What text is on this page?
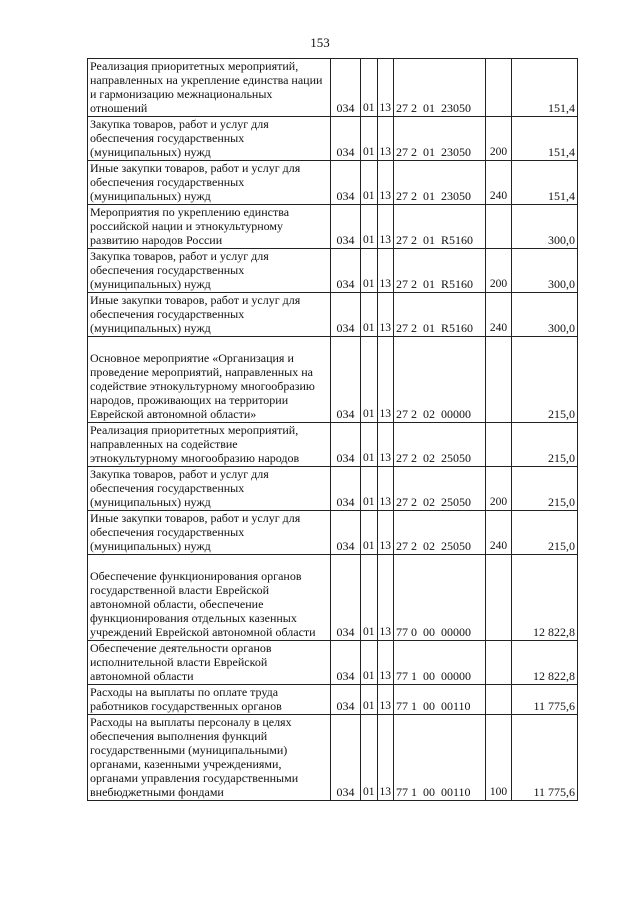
153
Реализация приоритетных мероприятий, направленных на укрепление единства нации и гармонизацию межнациональных отношений	034	01	13	27 2  01  23050		151,4
Закупка товаров, работ и услуг для обеспечения государственных (муниципальных) нужд	034	01	13	27 2  01  23050	200	151,4
Иные закупки товаров, работ и услуг для обеспечения государственных (муниципальных) нужд	034	01	13	27 2  01  23050	240	151,4
Мероприятия по укреплению единства российской нации и этнокультурному развитию народов России	034	01	13	27 2  01  R5160		300,0
Закупка товаров, работ и услуг для обеспечения государственных (муниципальных) нужд	034	01	13	27 2  01  R5160	200	300,0
Иные закупки товаров, работ и услуг для обеспечения государственных (муниципальных) нужд	034	01	13	27 2  01  R5160	240	300,0
Основное мероприятие «Организация и проведение мероприятий, направленных на содействие этнокультурному многообразию народов, проживающих на территории Еврейской автономной области»	034	01	13	27 2  02  00000		215,0
Реализация приоритетных мероприятий, направленных на содействие этнокультурному многообразию народов	034	01	13	27 2  02  25050		215,0
Закупка товаров, работ и услуг для обеспечения государственных (муниципальных) нужд	034	01	13	27 2  02  25050	200	215,0
Иные закупки товаров, работ и услуг для обеспечения государственных (муниципальных) нужд	034	01	13	27 2  02  25050	240	215,0
Обеспечение функционирования органов государственной власти Еврейской автономной области, обеспечение функционирования отдельных казенных учреждений Еврейской автономной области	034	01	13	77 0  00  00000		12 822,8
Обеспечение деятельности органов исполнительной власти Еврейской автономной области	034	01	13	77 1  00  00000		12 822,8
Расходы на выплаты по оплате труда работников государственных органов	034	01	13	77 1  00  00110		11 775,6
Расходы на выплаты персоналу в целях обеспечения выполнения функций государственными (муниципальными) органами, казенными учреждениями, органами управления государственными внебюджетными фондами	034	01	13	77 1  00  00110	100	11 775,6
